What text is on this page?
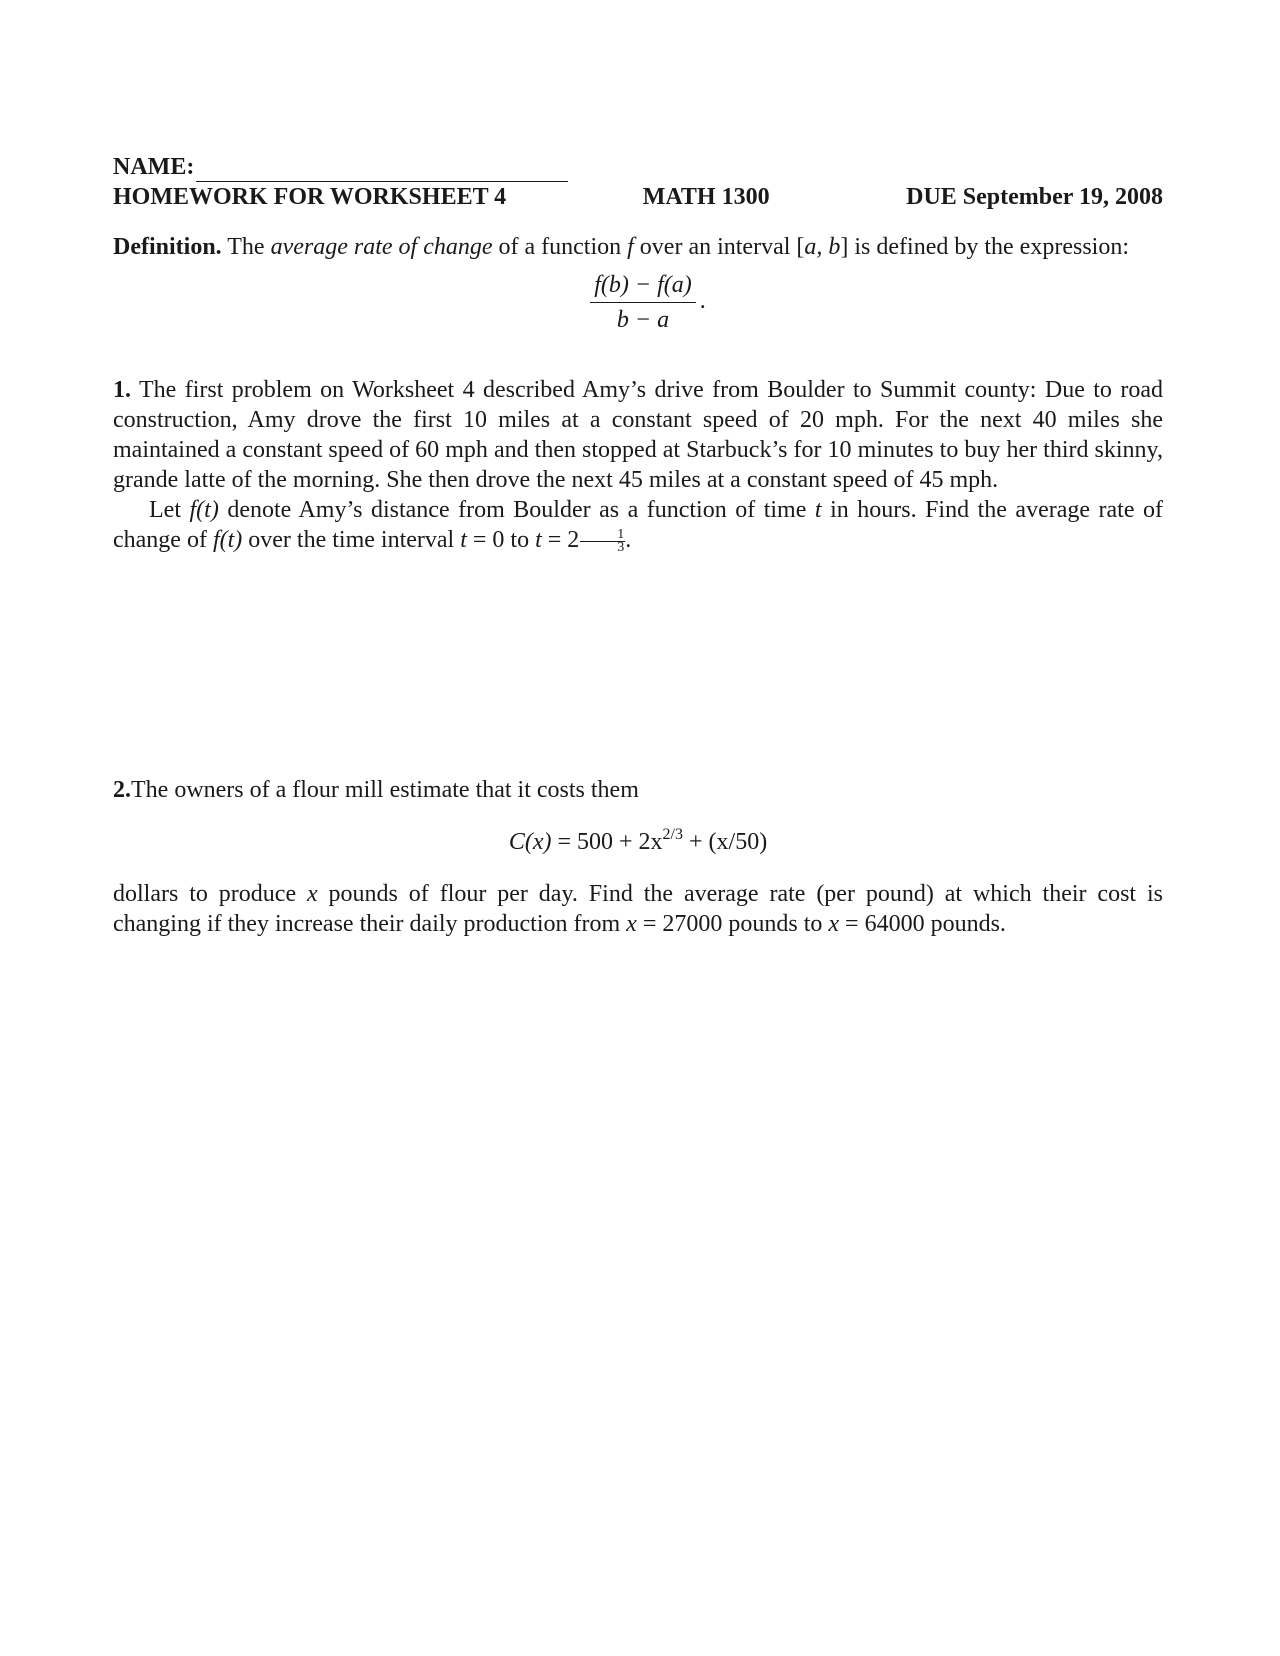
NAME:
HOMEWORK FOR WORKSHEET 4	MATH 1300	DUE September 19, 2008
Definition. The average rate of change of a function f over an interval [a, b] is defined by the expression:
$\frac{f(b) - f(a)}{b - a}$ .
1. The first problem on Worksheet 4 described Amy’s drive from Boulder to Summit county: Due to road construction, Amy drove the first 10 miles at a constant speed of 20 mph. For the next 40 miles she maintained a constant speed of 60 mph and then stopped at Starbuck’s for 10 minutes to buy her third skinny, grande latte of the morning. She then drove the next 45 miles at a constant speed of 45 mph.
Let f(t) denote Amy’s distance from Boulder as a function of time t in hours. Find the average rate of change of f(t) over the time interval t = 0 to $t = 2 \frac{1}{3}$ .
2.The owners of a flour mill estimate that it costs them
$C(x) = 500 + 2x^{2/3} + (x/50)$
dollars to produce x pounds of flour per day. Find the average rate (per pound) at which their cost is changing if they increase their daily production from x = 27000 pounds to x = 64000 pounds.
